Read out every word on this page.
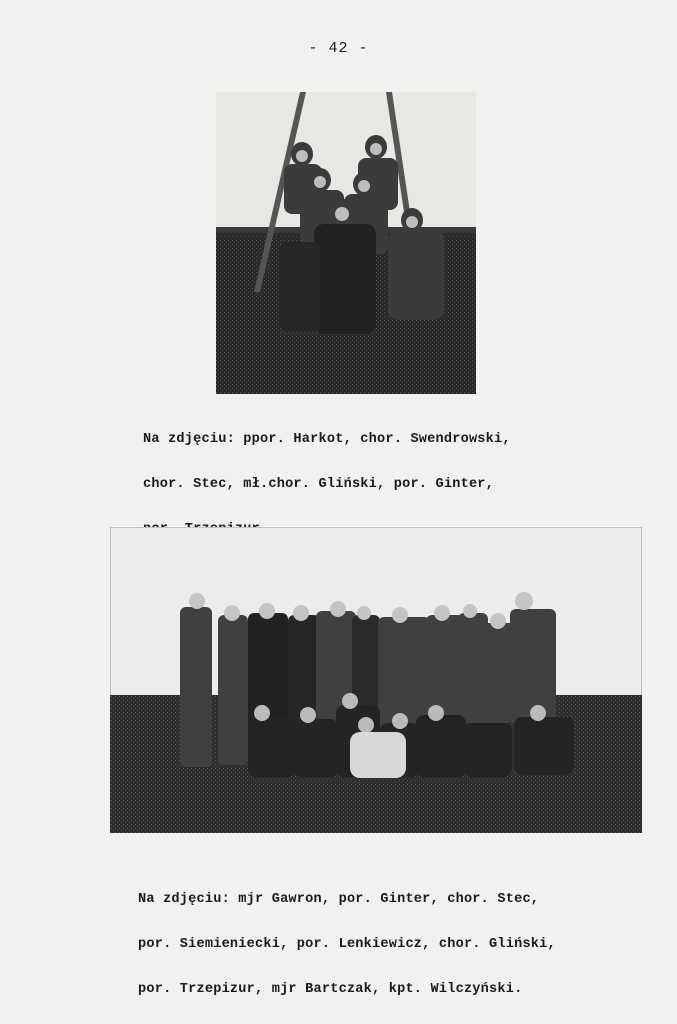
- 42 -

Na zdjęciu: ppor. Harkot, chor. Swendrowski,

chor. Stec, mł.chor. Gliński, por. Ginter,

Na zdjęciu: mjr Gawron, por. Ginter, chor. Stec,

por. Siemieniecki, por. Lenkiewicz, chor. Gliński,

por. Trzepizur, mjr Bartczak, kpt. Wilczyński.
